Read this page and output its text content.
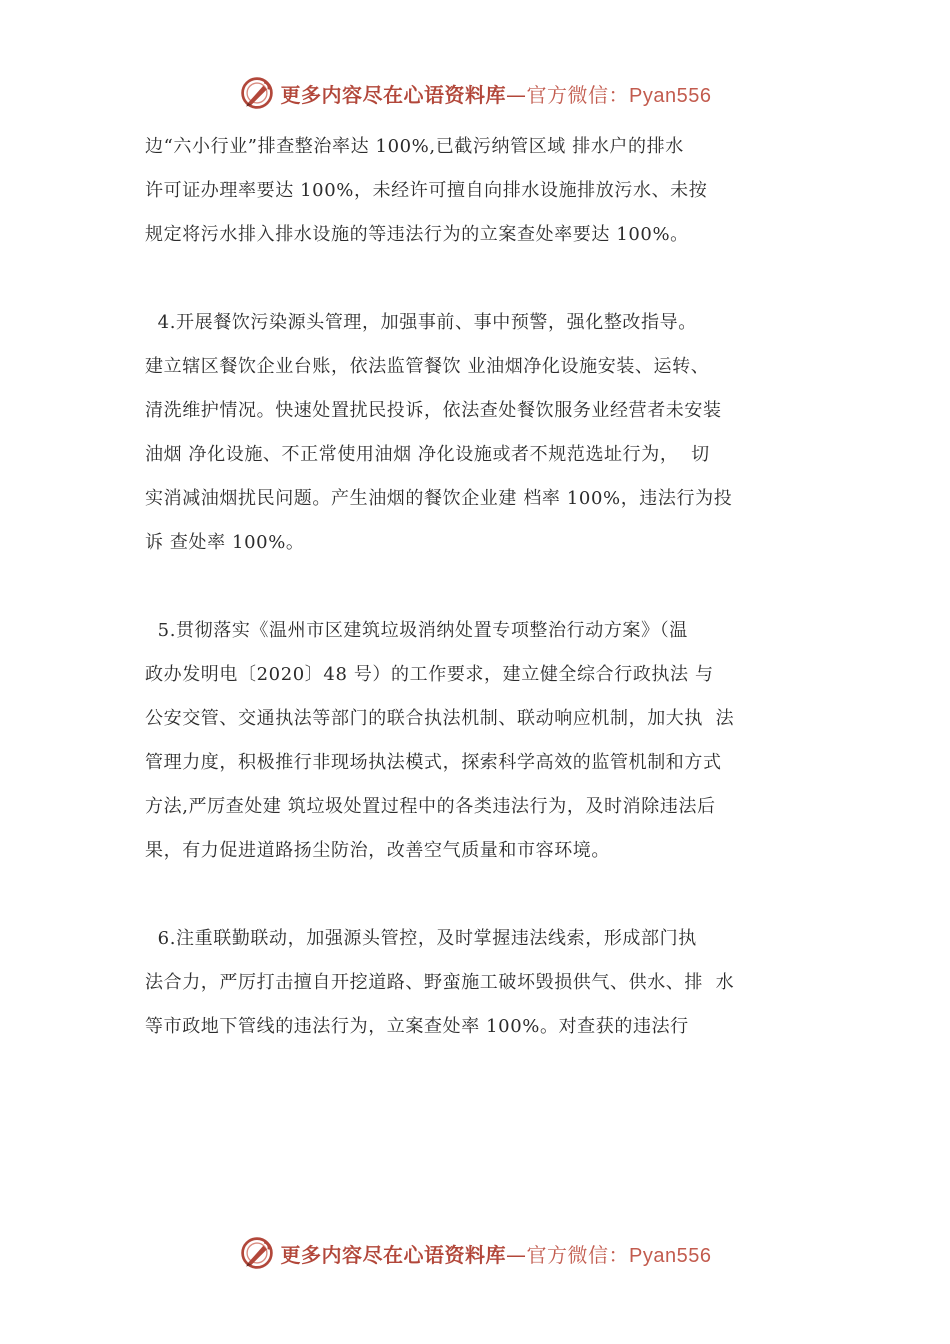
更多内容尽在心语资料库—官方微信：Pyan556

边“六小行业”排查整治率达 100%,已截污纳管区域 排水户的排水
许可证办理率要达 100%，未经许可擅自向排水设施排放污水、未按
规定将污水排入排水设施的等违法行为的立案查处率要达 100%。

4.开展餐饮污染源头管理，加强事前、事中预警，强化整改指导。
建立辖区餐饮企业台账，依法监管餐饮 业油烟净化设施安装、运转、
清洗维护情况。快速处置扰民投诉，依法查处餐饮服务业经营者未安装
油烟 净化设施、不正常使用油烟 净化设施或者不规范选址行为，  切
实消减油烟扰民问题。产生油烟的餐饮企业建 档率 100%，违法行为投
诉 查处率 100%。

5.贯彻落实《温州市区建筑垃圾消纳处置专项整治行动方案》（温
政办发明电〔2020〕48 号）的工作要求，建立健全综合行政执法 与
公安交管、交通执法等部门的联合执法机制、联动响应机制，加大执  法
管理力度，积极推行非现场执法模式，探索科学高效的监管机制和方式
方法,严厉查处建 筑垃圾处置过程中的各类违法行为，及时消除违法后
果，有力促进道路扬尘防治，改善空气质量和市容环境。

6.注重联勤联动，加强源头管控，及时掌握违法线索，形成部门执
法合力，严厉打击擅自开挖道路、野蛮施工破坏毁损供气、供水、排  水
等市政地下管线的违法行为，立案查处率 100%。对查获的违法行

更多内容尽在心语资料库—官方微信：Pyan556
